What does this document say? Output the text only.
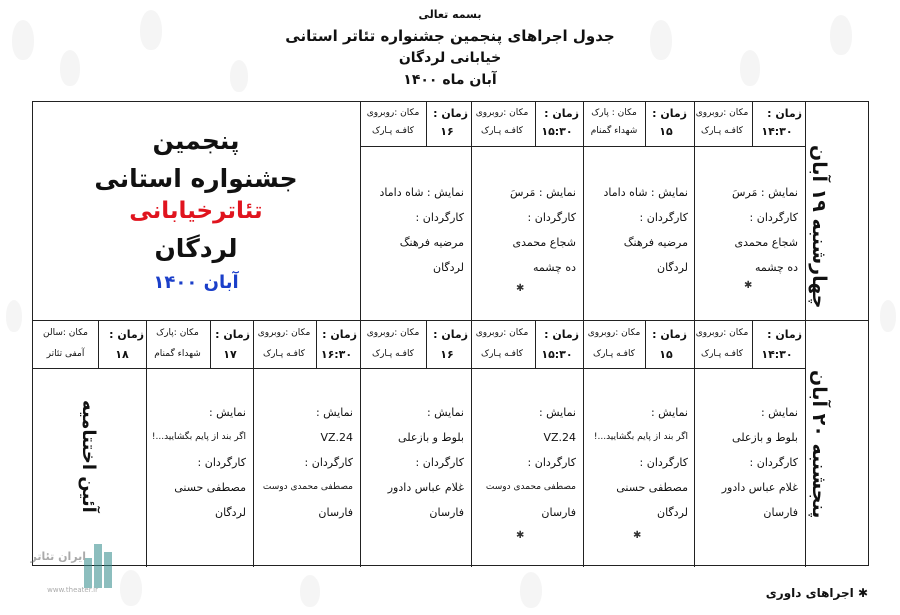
بسمه تعالی
جدول اجراهای پنجمین جشنواره تئاتر استانی
خیابانی لردگان
آبان ماه ۱۴۰۰
چهارشنبه ۱۹ آبان
پنجشنبه ۲۰ آبان
پنجمین
جشنواره استانی
تئاترخیابانی
لردگان
آبان ۱۴۰۰
زمان :
۱۴:۳۰
مکان :روبروی
کافـه پـارک
نمایش : مَرسَ
کارگردان :
شجاع محمدی
ده چشمه
✱
زمان :
۱۵
مکان : پارک
شهداء گمنام
نمایش : شاه داماد
کارگردان :
مرضیه فرهنگ
لردگان
زمان :
۱۵:۳۰
مکان :روبروی
کافـه پـارک
نمایش : مَرسَ
کارگردان :
شجاع محمدی
ده چشمه
✱
زمان :
۱۶
مکان :روبروی
کافـه پـارک
نمایش : شاه داماد
کارگردان :
مرضیه فرهنگ
لردگان
زمان :
۱۴:۳۰
مکان :روبروی
کافـه پـارک
نمایش :
بلوط و بازعلی
کارگردان :
غلام عباس دادور
فارسان
زمان :
۱۵
مکان :روبروی
کافـه پـارک
نمایش :
اگر بند از پایم بگشایید...!
کارگردان :
مصطفی حسنی
لردگان
✱
زمان :
۱۵:۳۰
مکان :روبروی
کافـه پـارک
نمایش :
VZ.24
کارگردان :
مصطفی محمدی دوست
فارسان
✱
زمان :
۱۶
مکان :روبروی
کافـه پـارک
نمایش :
بلوط و بازعلی
کارگردان :
غلام عباس دادور
فارسان
زمان :
۱۶:۳۰
مکان :روبروی
کافـه پـارک
نمایش :
VZ.24
کارگردان :
مصطفی محمدی دوست
فارسان
زمان :
۱۷
مکان :پارک
شهداء گمنام
نمایش :
اگر بند از پایم بگشایید...!
کارگردان :
مصطفی حسنی
لردگان
زمان :
۱۸
مکان :سالن
آمفی تئاتر
آئین اختتامیه
✱ اجراهای داوری
ایران تئاتر
www.theater.ir
